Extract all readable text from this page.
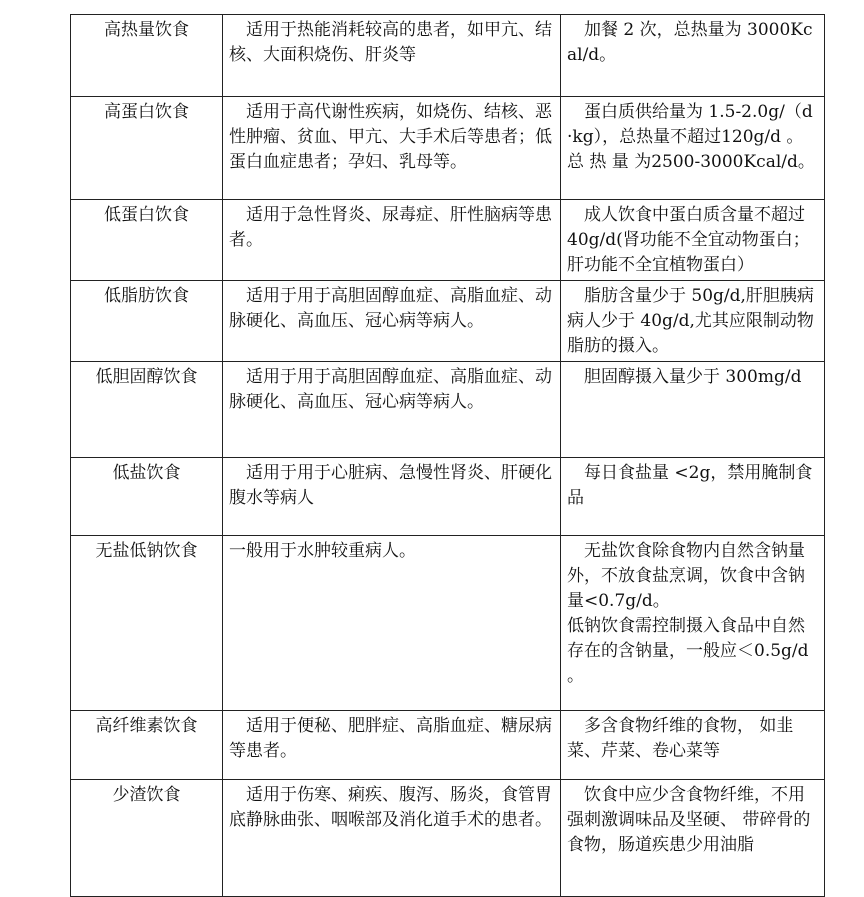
高热量饮食	适用于热能消耗较高的患者，如甲亢、结核、大面积烧伤、肝炎等	加餐 2 次，总热量为 3000Kcal/d。

高蛋白饮食	适用于高代谢性疾病，如烧伤、结核、恶性肿瘤、贫血、甲亢、大手术后等患者；低蛋白血症患者；孕妇、乳母等。	蛋白质供给量为 1.5-2.0g/（d·kg），总热量不超过120g/d 。 总 热 量 为2500-3000Kcal/d。

低蛋白饮食	适用于急性肾炎、尿毒症、肝性脑病等患者。	成人饮食中蛋白质含量不超过 40g/d(肾功能不全宜动物蛋白；肝功能不全宜植物蛋白）

低脂肪饮食	适用于用于高胆固醇血症、高脂血症、动脉硬化、高血压、冠心病等病人。	脂肪含量少于 50g/d,肝胆胰病病人少于 40g/d,尤其应限制动物脂肪的摄入。

低胆固醇饮食	适用于用于高胆固醇血症、高脂血症、动脉硬化、高血压、冠心病等病人。	胆固醇摄入量少于 300mg/d

低盐饮食	适用于用于心脏病、急慢性肾炎、肝硬化腹水等病人	每日食盐量 <2g，禁用腌制食品

无盐低钠饮食	一般用于水肿较重病人。	无盐饮食除食物内自然含钠量外，不放食盐烹调，饮食中含钠量<0.7g/d。
低钠饮食需控制摄入食品中自然存在的含钠量，一般应＜0.5g/d 。

高纤维素饮食	适用于便秘、肥胖症、高脂血症、糖尿病等患者。	多含食物纤维的食物， 如韭菜、芹菜、卷心菜等

少渣饮食	适用于伤寒、痢疾、腹泻、肠炎，食管胃底静脉曲张、咽喉部及消化道手术的患者。	饮食中应少含食物纤维，不用强刺激调味品及坚硬、 带碎骨的食物，肠道疾患少用油脂
